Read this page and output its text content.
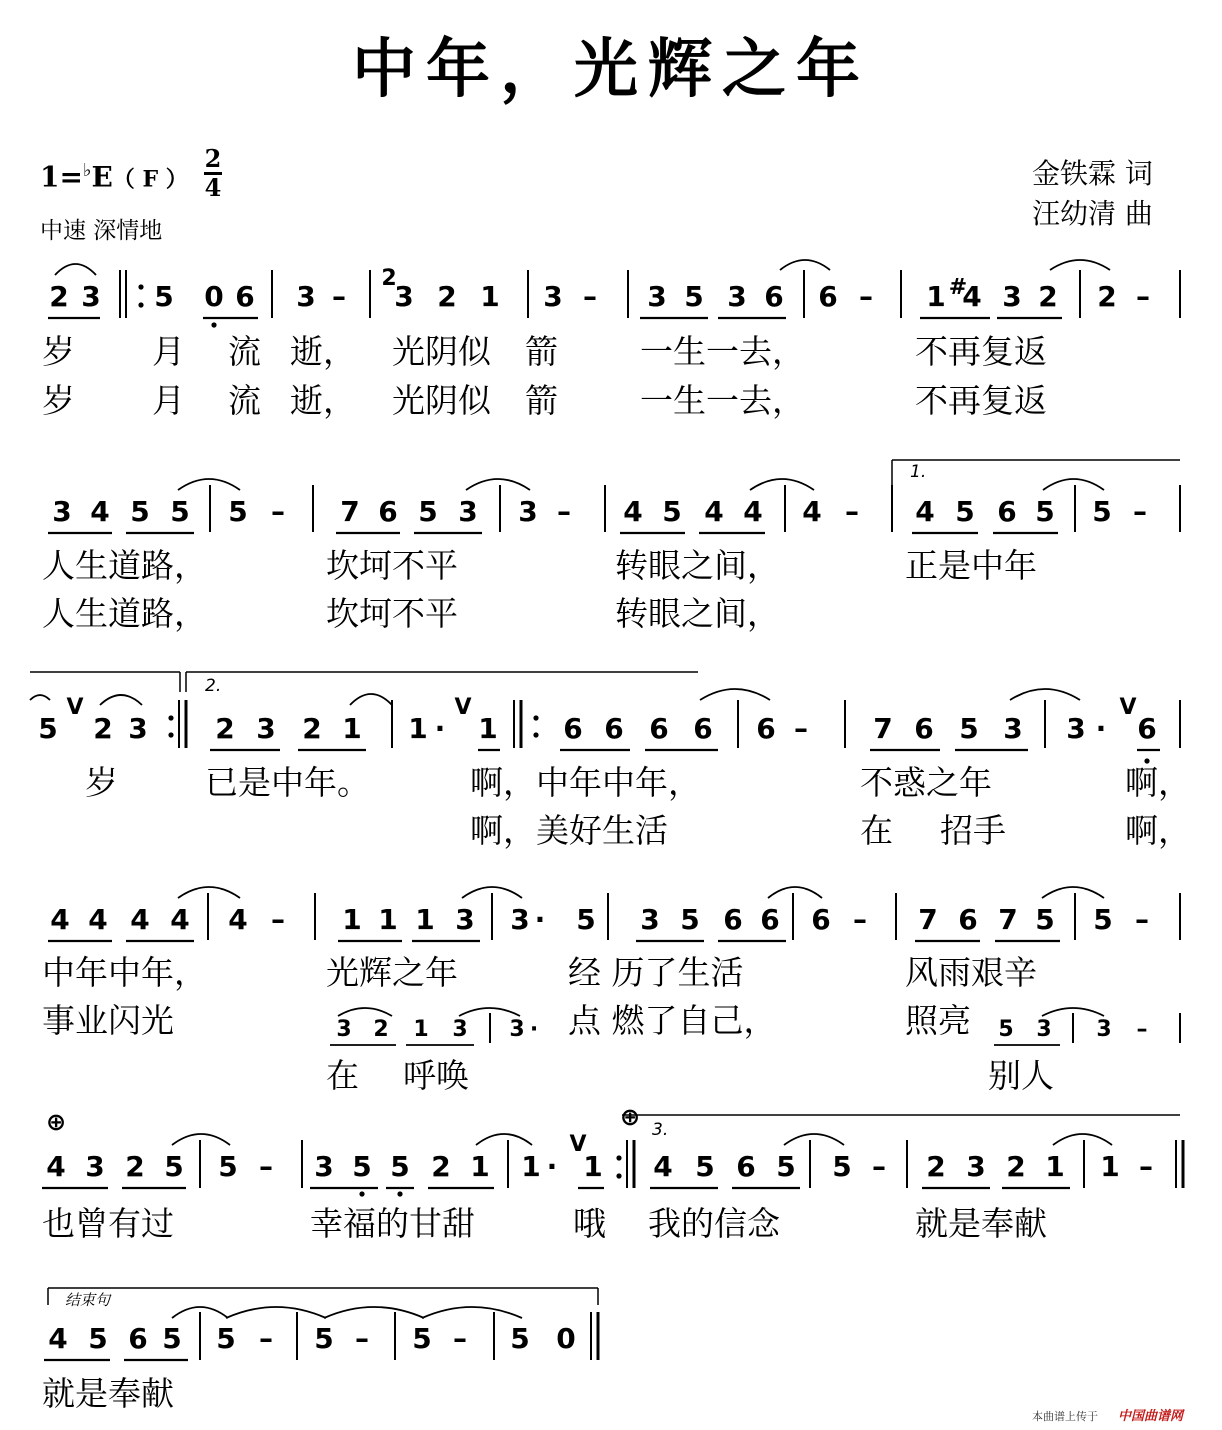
中年，光辉之年
1=♭E（ F ）
2
4
中速 深情地
金铁霖 词
汪幼清 曲
2 3 5 0 6 3 – 3 2 1 3 – 3 5 3 6 6 – 1 4 3 2 2 –
2	#
岁 月 流 逝， 光阴似 箭 一生一去，	不再复返
岁 月 流 逝， 光阴似 箭 一生一去，	不再复返
3 4 5 5 5 – 7 6 5 3 3 – 4 5 4 4 4 – 4 5 6 5 5 –
1.
人生道路，	坎坷不平	转眼之间，	正是中年
人生道路，	坎坷不平	转眼之间，
5 2 3 2 3 2 1 1 · 1 6 6 6 6 6 – 7 6 5 3 3 · 6
2.
V	V	V
岁	已是中年。	啊，中年中年，	不惑之年	啊，
啊，美好生活	在 招手	啊，
4 4 4 4 4 – 1 1 1 3 3 · 5 3 5 6 6 6 – 7 6 7 5 5 –
中年中年，	光辉之年	经 历了生活	风雨艰辛
事业闪光	点 燃了自己，	照亮
在 呼唤	别人
3 2 1 3 3 ·	5 3 3 –
4 3 2 5 5 – 3 5 5 2 1 1 · 1 4 5 6 5 5 – 2 3 2 1 1 –
⊕	⊕ 3.
V
也曾有过	幸福的甘甜	哦 我的信念	就是奉献
4 5 6 5 5 – 5 – 5 – 5 0
结束句
就是奉献
本曲谱上传于 中国曲谱网
